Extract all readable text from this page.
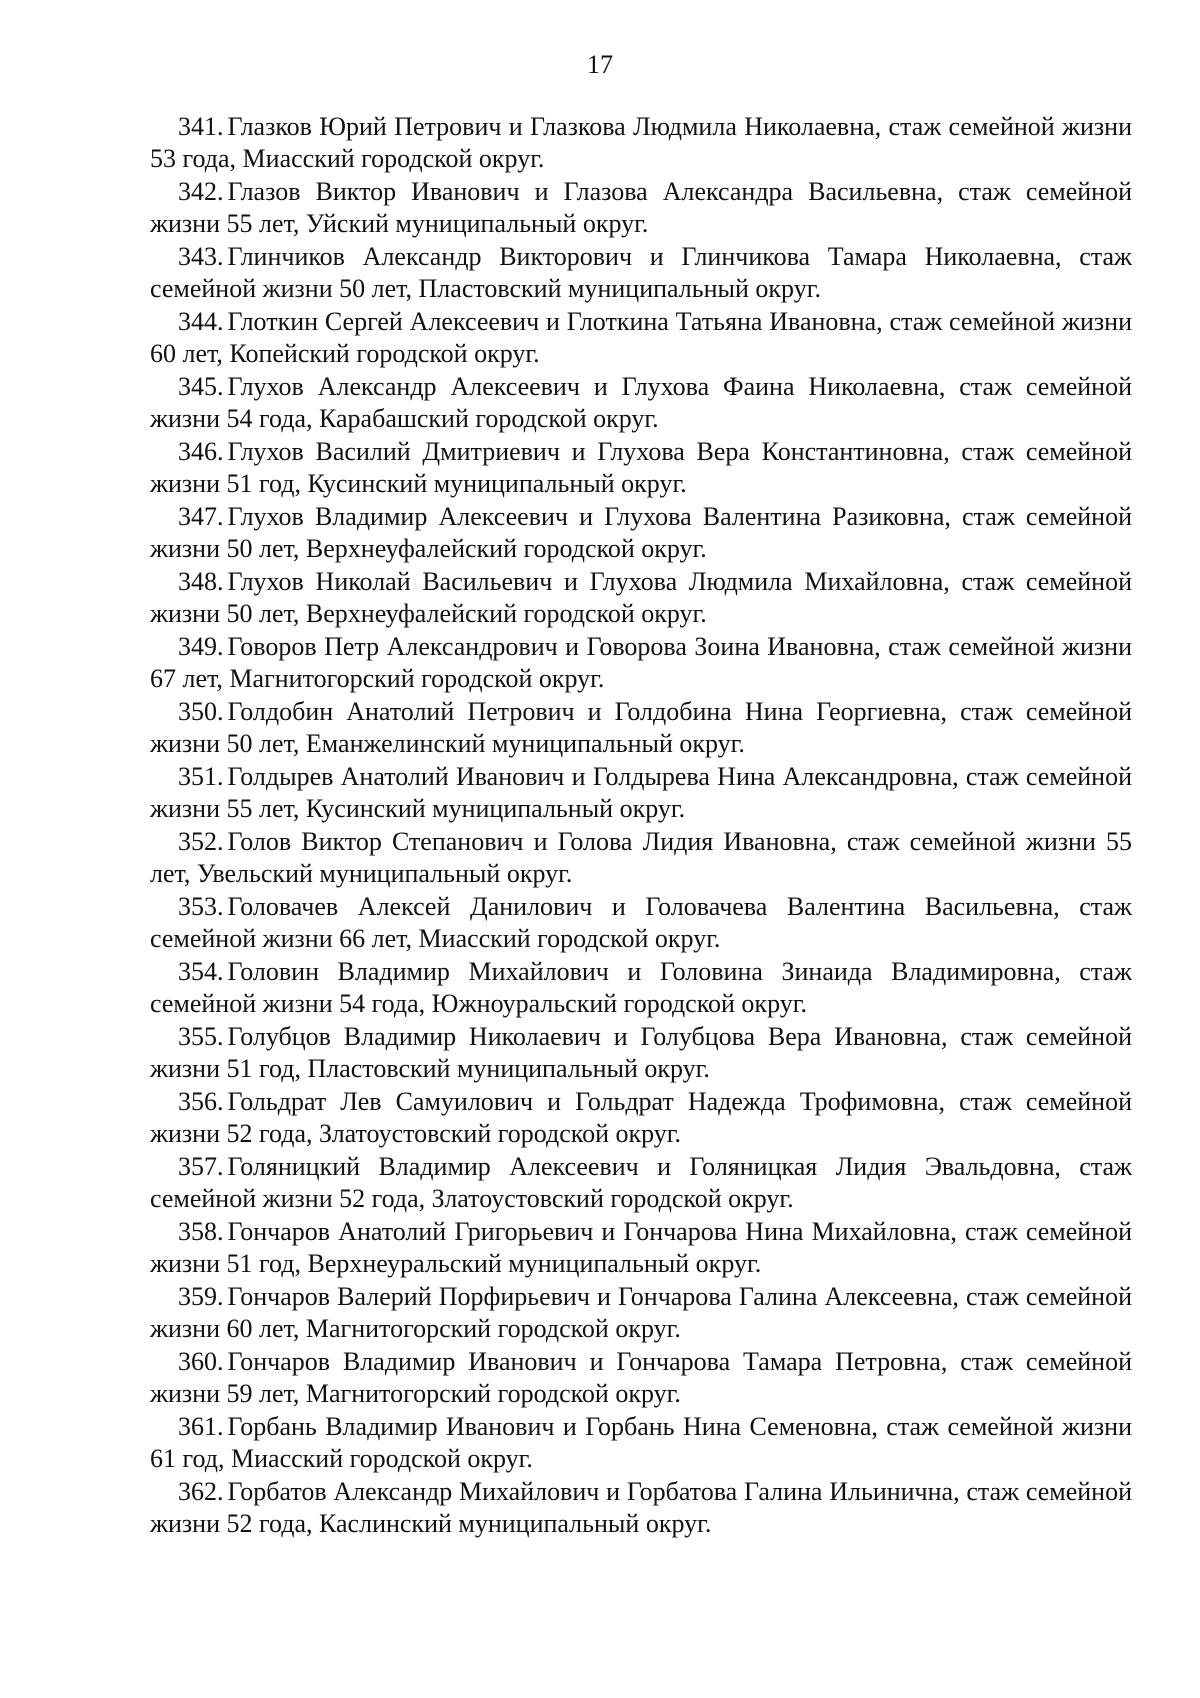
17
341. Глазков Юрий Петрович и Глазкова Людмила Николаевна, стаж семейной жизни 53 года, Миасский городской округ.
342. Глазов Виктор Иванович и Глазова Александра Васильевна, стаж семейной жизни 55 лет, Уйский муниципальный округ.
343. Глинчиков Александр Викторович и Глинчикова Тамара Николаевна, стаж семейной жизни 50 лет, Пластовский муниципальный округ.
344. Глоткин Сергей Алексеевич и Глоткина Татьяна Ивановна, стаж семейной жизни 60 лет, Копейский городской округ.
345. Глухов Александр Алексеевич и Глухова Фаина Николаевна, стаж семейной жизни 54 года, Карабашский городской округ.
346. Глухов Василий Дмитриевич и Глухова Вера Константиновна, стаж семейной жизни 51 год, Кусинский муниципальный округ.
347. Глухов Владимир Алексеевич и Глухова Валентина Разиковна, стаж семейной жизни 50 лет, Верхнеуфалейский городской округ.
348. Глухов Николай Васильевич и Глухова Людмила Михайловна, стаж семейной жизни 50 лет, Верхнеуфалейский городской округ.
349. Говоров Петр Александрович и Говорова Зоина Ивановна, стаж семейной жизни 67 лет, Магнитогорский городской округ.
350. Голдобин Анатолий Петрович и Голдобина Нина Георгиевна, стаж семейной жизни 50 лет, Еманжелинский муниципальный округ.
351. Голдырев Анатолий Иванович и Голдырева Нина Александровна, стаж семейной жизни 55 лет, Кусинский муниципальный округ.
352. Голов Виктор Степанович и Голова Лидия Ивановна, стаж семейной жизни 55 лет, Увельский муниципальный округ.
353. Головачев Алексей Данилович и Головачева Валентина Васильевна, стаж семейной жизни 66 лет, Миасский городской округ.
354. Головин Владимир Михайлович и Головина Зинаида Владимировна, стаж семейной жизни 54 года, Южноуральский городской округ.
355. Голубцов Владимир Николаевич и Голубцова Вера Ивановна, стаж семейной жизни 51 год, Пластовский муниципальный округ.
356. Гольдрат Лев Самуилович и Гольдрат Надежда Трофимовна, стаж семейной жизни 52 года, Златоустовский городской округ.
357. Голяницкий Владимир Алексеевич и Голяницкая Лидия Эвальдовна, стаж семейной жизни 52 года, Златоустовский городской округ.
358. Гончаров Анатолий Григорьевич и Гончарова Нина Михайловна, стаж семейной жизни 51 год, Верхнеуральский муниципальный округ.
359. Гончаров Валерий Порфирьевич и Гончарова Галина Алексеевна, стаж семейной жизни 60 лет, Магнитогорский городской округ.
360. Гончаров Владимир Иванович и Гончарова Тамара Петровна, стаж семейной жизни 59 лет, Магнитогорский городской округ.
361. Горбань Владимир Иванович и Горбань Нина Семеновна, стаж семейной жизни 61 год, Миасский городской округ.
362. Горбатов Александр Михайлович и Горбатова Галина Ильинична, стаж семейной жизни 52 года, Каслинский муниципальный округ.
